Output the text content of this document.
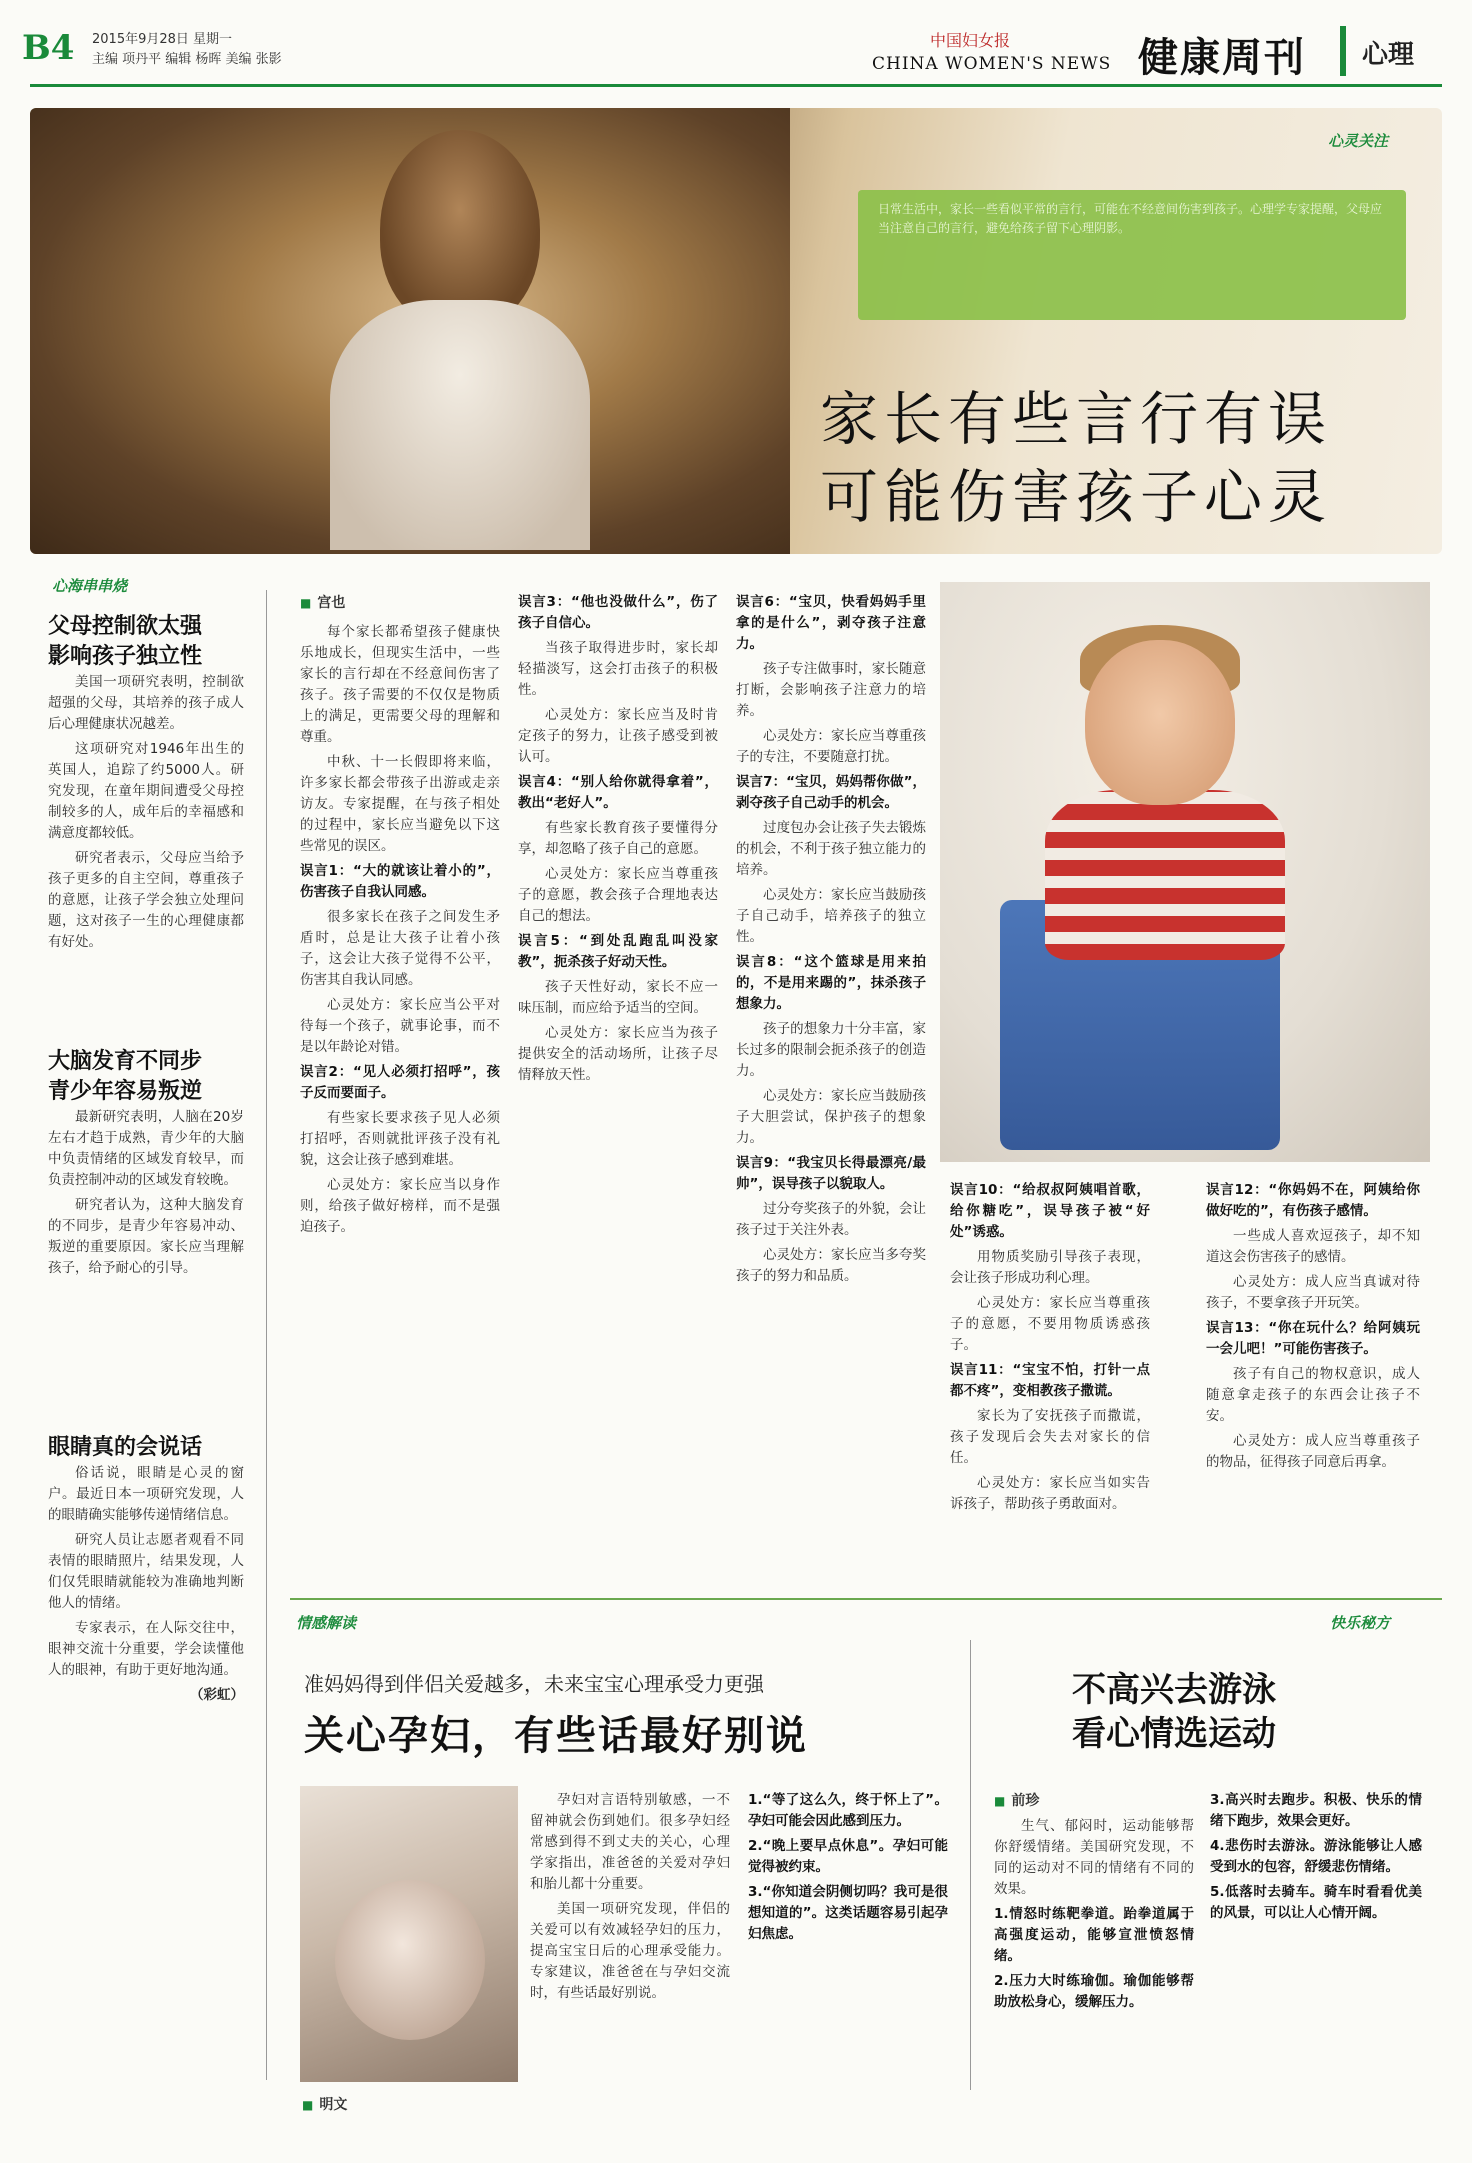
B4 2015年9月28日 星期一
主编 项丹平 编辑 杨晖 美编 张影
中国妇女报
CHINA WOMEN'S NEWS 健康周刊 心理
心灵关注
日常生活中，家长一些看似平常的言行，可能在不经意间伤害到孩子。心理学专家提醒，父母应当注意自己的言行，避免给孩子留下心理阴影。
家长有些言行有误
可能伤害孩子心灵
心海串串烧
父母控制欲太强
影响孩子独立性

美国一项研究表明，控制欲超强的父母，其培养的孩子成人后心理健康状况越差。

这项研究对1946年出生的英国人，追踪了约5000人。研究发现，在童年期间遭受父母控制较多的人，成年后的幸福感和满意度都较低。

研究者表示，父母应当给予孩子更多的自主空间，尊重孩子的意愿，让孩子学会独立处理问题，这对孩子一生的心理健康都有好处。

大脑发育不同步
青少年容易叛逆

最新研究表明，人脑在20岁左右才趋于成熟，青少年的大脑中负责情绪的区域发育较早，而负责控制冲动的区域发育较晚。

研究者认为，这种大脑发育的不同步，是青少年容易冲动、叛逆的重要原因。家长应当理解孩子，给予耐心的引导。

眼睛真的会说话

俗话说，眼睛是心灵的窗户。最近日本一项研究发现，人的眼睛确实能够传递情绪信息。

研究人员让志愿者观看不同表情的眼睛照片，结果发现，人们仅凭眼睛就能较为准确地判断他人的情绪。

专家表示，在人际交往中，眼神交流十分重要，学会读懂他人的眼神，有助于更好地沟通。

（彩虹）
■ 宫也

每个家长都希望孩子健康快乐地成长，但现实生活中，一些家长的言行却在不经意间伤害了孩子。孩子需要的不仅仅是物质上的满足，更需要父母的理解和尊重。

中秋、十一长假即将来临，许多家长都会带孩子出游或走亲访友。专家提醒，在与孩子相处的过程中，家长应当避免以下这些常见的误区。

误言1：“大的就该让着小的”，伤害孩子自我认同感。

很多家长在孩子之间发生矛盾时，总是让大孩子让着小孩子，这会让大孩子觉得不公平，伤害其自我认同感。

心灵处方：家长应当公平对待每一个孩子，就事论事，而不是以年龄论对错。

误言2：“见人必须打招呼”，孩子反而要面子。

有些家长要求孩子见人必须打招呼，否则就批评孩子没有礼貌，这会让孩子感到难堪。

心灵处方：家长应当以身作则，给孩子做好榜样，而不是强迫孩子。

误言3：“他也没做什么”，伤了孩子自信心。

当孩子取得进步时，家长却轻描淡写，这会打击孩子的积极性。

心灵处方：家长应当及时肯定孩子的努力，让孩子感受到被认可。

误言4：“别人给你就得拿着”，教出“老好人”。

有些家长教育孩子要懂得分享，却忽略了孩子自己的意愿。

心灵处方：家长应当尊重孩子的意愿，教会孩子合理地表达自己的想法。

误言5：“到处乱跑乱叫没家教”，扼杀孩子好动天性。

孩子天性好动，家长不应一味压制，而应给予适当的空间。

心灵处方：家长应当为孩子提供安全的活动场所，让孩子尽情释放天性。

误言6：“宝贝，快看妈妈手里拿的是什么”，剥夺孩子注意力。

孩子专注做事时，家长随意打断，会影响孩子注意力的培养。

心灵处方：家长应当尊重孩子的专注，不要随意打扰。

误言7：“宝贝，妈妈帮你做”，剥夺孩子自己动手的机会。

过度包办会让孩子失去锻炼的机会，不利于孩子独立能力的培养。

心灵处方：家长应当鼓励孩子自己动手，培养孩子的独立性。

误言8：“这个篮球是用来拍的，不是用来踢的”，抹杀孩子想象力。

孩子的想象力十分丰富，家长过多的限制会扼杀孩子的创造力。

心灵处方：家长应当鼓励孩子大胆尝试，保护孩子的想象力。

误言9：“我宝贝长得最漂亮/最帅”，误导孩子以貌取人。

过分夸奖孩子的外貌，会让孩子过于关注外表。

心灵处方：家长应当多夸奖孩子的努力和品质。

误言10：“给叔叔阿姨唱首歌，给你糖吃”，误导孩子被“好处”诱惑。

用物质奖励引导孩子表现，会让孩子形成功利心理。

心灵处方：家长应当尊重孩子的意愿，不要用物质诱惑孩子。

误言11：“宝宝不怕，打针一点都不疼”，变相教孩子撒谎。

家长为了安抚孩子而撒谎，孩子发现后会失去对家长的信任。

心灵处方：家长应当如实告诉孩子，帮助孩子勇敢面对。

误言12：“你妈妈不在，阿姨给你做好吃的”，有伤孩子感情。

一些成人喜欢逗孩子，却不知道这会伤害孩子的感情。

心灵处方：成人应当真诚对待孩子，不要拿孩子开玩笑。

误言13：“你在玩什么？给阿姨玩一会儿吧！”可能伤害孩子。

孩子有自己的物权意识，成人随意拿走孩子的东西会让孩子不安。

心灵处方：成人应当尊重孩子的物品，征得孩子同意后再拿。

情感解读	快乐秘方
准妈妈得到伴侣关爱越多，未来宝宝心理承受力更强
关心孕妇，有些话最好别说
■ 明文

孕妇对言语特别敏感，一不留神就会伤到她们。很多孕妇经常感到得不到丈夫的关心，心理学家指出，准爸爸的关爱对孕妇和胎儿都十分重要。

美国一项研究发现，伴侣的关爱可以有效减轻孕妇的压力，提高宝宝日后的心理承受能力。专家建议，准爸爸在与孕妇交流时，有些话最好别说。

1.“等了这么久，终于怀上了”。孕妇可能会因此感到压力。

2.“晚上要早点休息”。孕妇可能觉得被约束。

3.“你知道会阴侧切吗？我可是很想知道的”。这类话题容易引起孕妇焦虑。

不高兴去游泳
看心情选运动
■ 前珍

生气、郁闷时，运动能够帮你舒缓情绪。美国研究发现，不同的运动对不同的情绪有不同的效果。

1.情怒时练靶拳道。跆拳道属于高强度运动，能够宣泄愤怒情绪。

2.压力大时练瑜伽。瑜伽能够帮助放松身心，缓解压力。

3.高兴时去跑步。积极、快乐的情绪下跑步，效果会更好。

4.悲伤时去游泳。游泳能够让人感受到水的包容，舒缓悲伤情绪。

5.低落时去骑车。骑车时看看优美的风景，可以让人心情开阔。
